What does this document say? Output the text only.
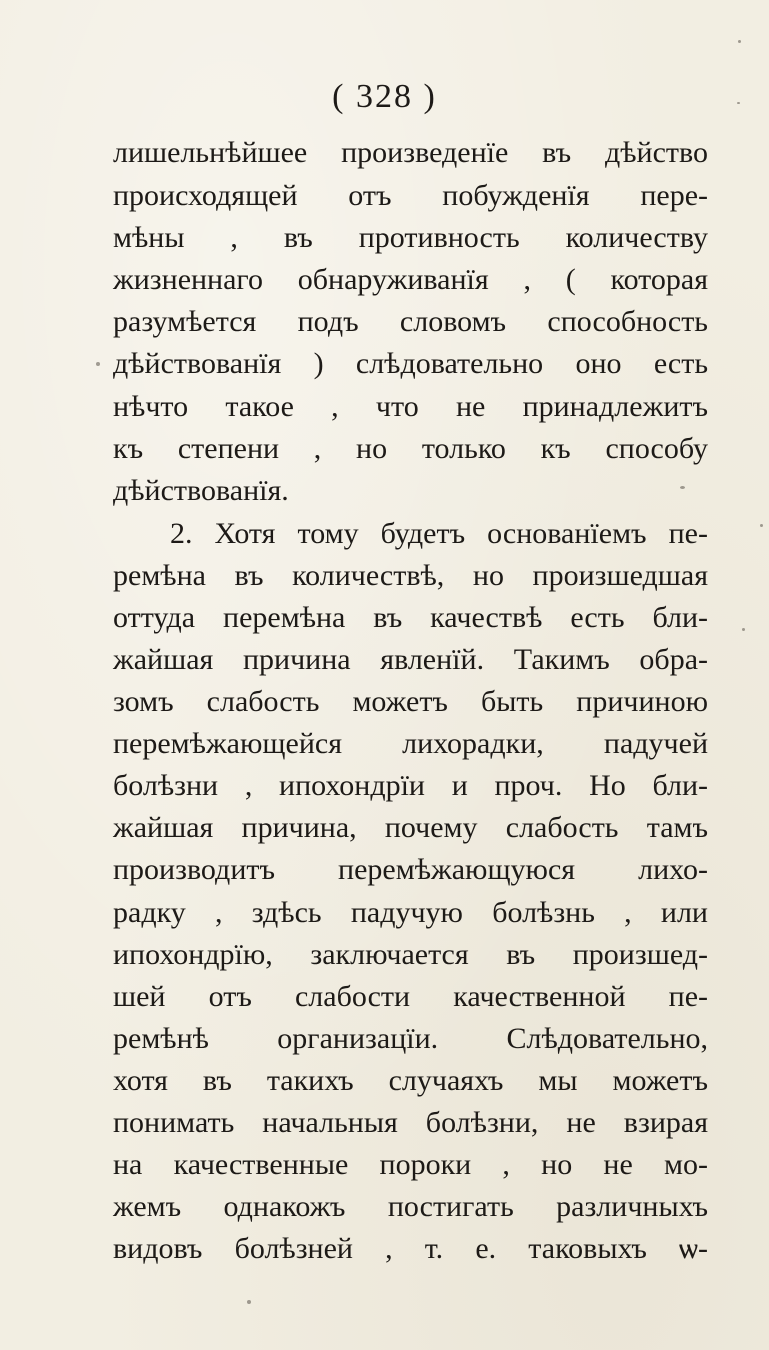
( 328 )
лишельнѣйшее произведенїе въ дѣйство
происходящей отъ побужденїя пере-
мѣны , въ противность количеству
жизненнаго обнаруживанїя , ( которая
разумѣется подъ словомъ способность
дѣйствованїя ) слѣдовательно оно есть
нѣчто такое , что не принадлежитъ
къ степени , но только къ способу
дѣйствованїя.
2. Хотя тому будетъ основанїемъ пе-
ремѣна въ количествѣ, но произшедшая
оттуда перемѣна въ качествѣ есть бли-
жайшая причина явленїй. Такимъ обра-
зомъ слабость можетъ быть причиною
перемѣжающейся лихорадки, падучей
болѣзни , ипохондрїи и проч. Но бли-
жайшая причина, почему слабость тамъ
производитъ перемѣжающуюся лихо-
радку , здѣсь падучую болѣзнь , или
ипохондрїю, заключается въ произшед-
шей отъ слабости качественной пе-
ремѣнѣ организацїи. Слѣдовательно,
хотя въ такихъ случаяхъ мы можетъ
понимать начальныя болѣзни, не взирая
на качественные пороки , но не мо-
жемъ однакожъ постигать различныхъ
видовъ болѣзней , т. е. таковыхъ ѡ-
